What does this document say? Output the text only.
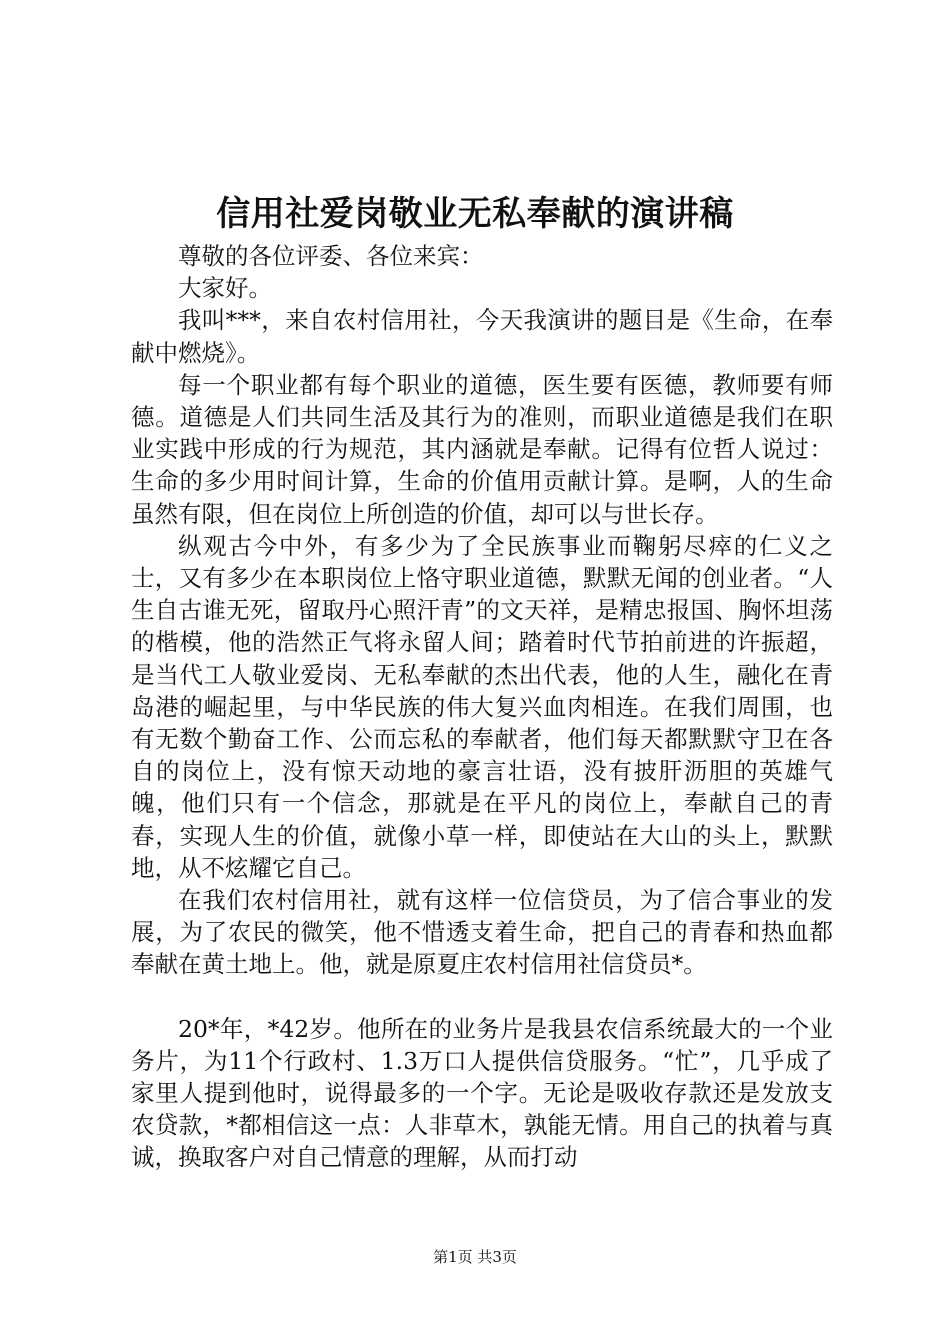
信用社爱岗敬业无私奉献的演讲稿

尊敬的各位评委、各位来宾：

大家好。

我叫***，来自农村信用社，今天我演讲的题目是《生命，在奉献中燃烧》。

每一个职业都有每个职业的道德，医生要有医德，教师要有师德。道德是人们共同生活及其行为的准则，而职业道德是我们在职业实践中形成的行为规范，其内涵就是奉献。记得有位哲人说过：生命的多少用时间计算，生命的价值用贡献计算。是啊，人的生命虽然有限，但在岗位上所创造的价值，却可以与世长存。

纵观古今中外，有多少为了全民族事业而鞠躬尽瘁的仁义之士，又有多少在本职岗位上恪守职业道德，默默无闻的创业者。“人生自古谁无死，留取丹心照汗青”的文天祥，是精忠报国、胸怀坦荡的楷模，他的浩然正气将永留人间；踏着时代节拍前进的许振超，是当代工人敬业爱岗、无私奉献的杰出代表，他的人生，融化在青岛港的崛起里，与中华民族的伟大复兴血肉相连。在我们周围，也有无数个勤奋工作、公而忘私的奉献者，他们每天都默默守卫在各自的岗位上，没有惊天动地的豪言壮语，没有披肝沥胆的英雄气魄，他们只有一个信念，那就是在平凡的岗位上，奉献自己的青春，实现人生的价值，就像小草一样，即使站在大山的头上，默默地，从不炫耀它自己。

在我们农村信用社，就有这样一位信贷员，为了信合事业的发展，为了农民的微笑，他不惜透支着生命，把自己的青春和热血都奉献在黄土地上。他，就是原夏庄农村信用社信贷员*。

20*年，*42岁。他所在的业务片是我县农信系统最大的一个业务片，为11个行政村、1.3万口人提供信贷服务。“忙”，几乎成了家里人提到他时，说得最多的一个字。无论是吸收存款还是发放支农贷款，*都相信这一点：人非草木，孰能无情。用自己的执着与真诚，换取客户对自己情意的理解，从而打动

第1页 共3页
